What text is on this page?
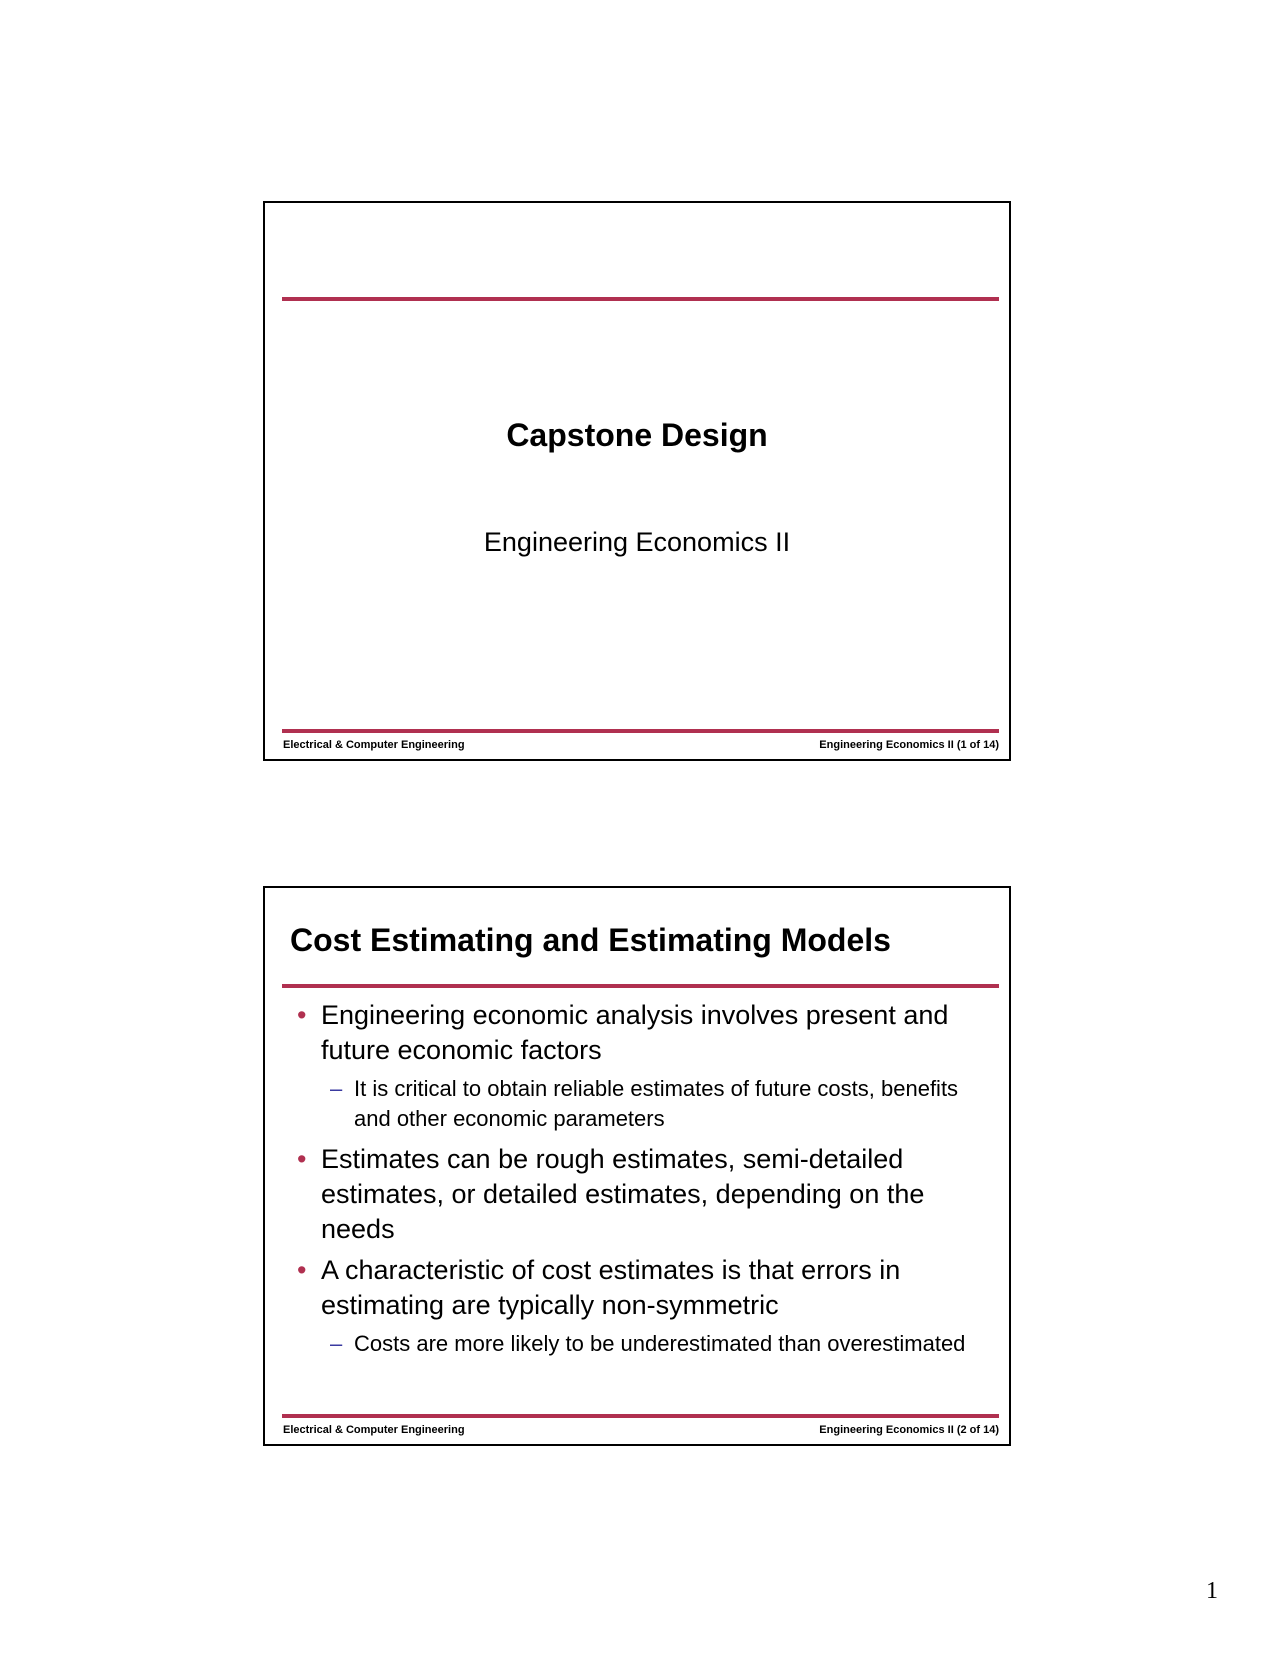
Capstone Design
Engineering Economics II
Electrical & Computer Engineering	Engineering Economics II (1 of 14)
Cost Estimating and Estimating Models
• Engineering economic analysis involves present and future economic factors
– It is critical to obtain reliable estimates of future costs, benefits and other economic parameters
• Estimates can be rough estimates, semi-detailed estimates, or detailed estimates, depending on the needs
• A characteristic of cost estimates is that errors in estimating are typically non-symmetric
– Costs are more likely to be underestimated than overestimated
Electrical & Computer Engineering	Engineering Economics II (2 of 14)
1
